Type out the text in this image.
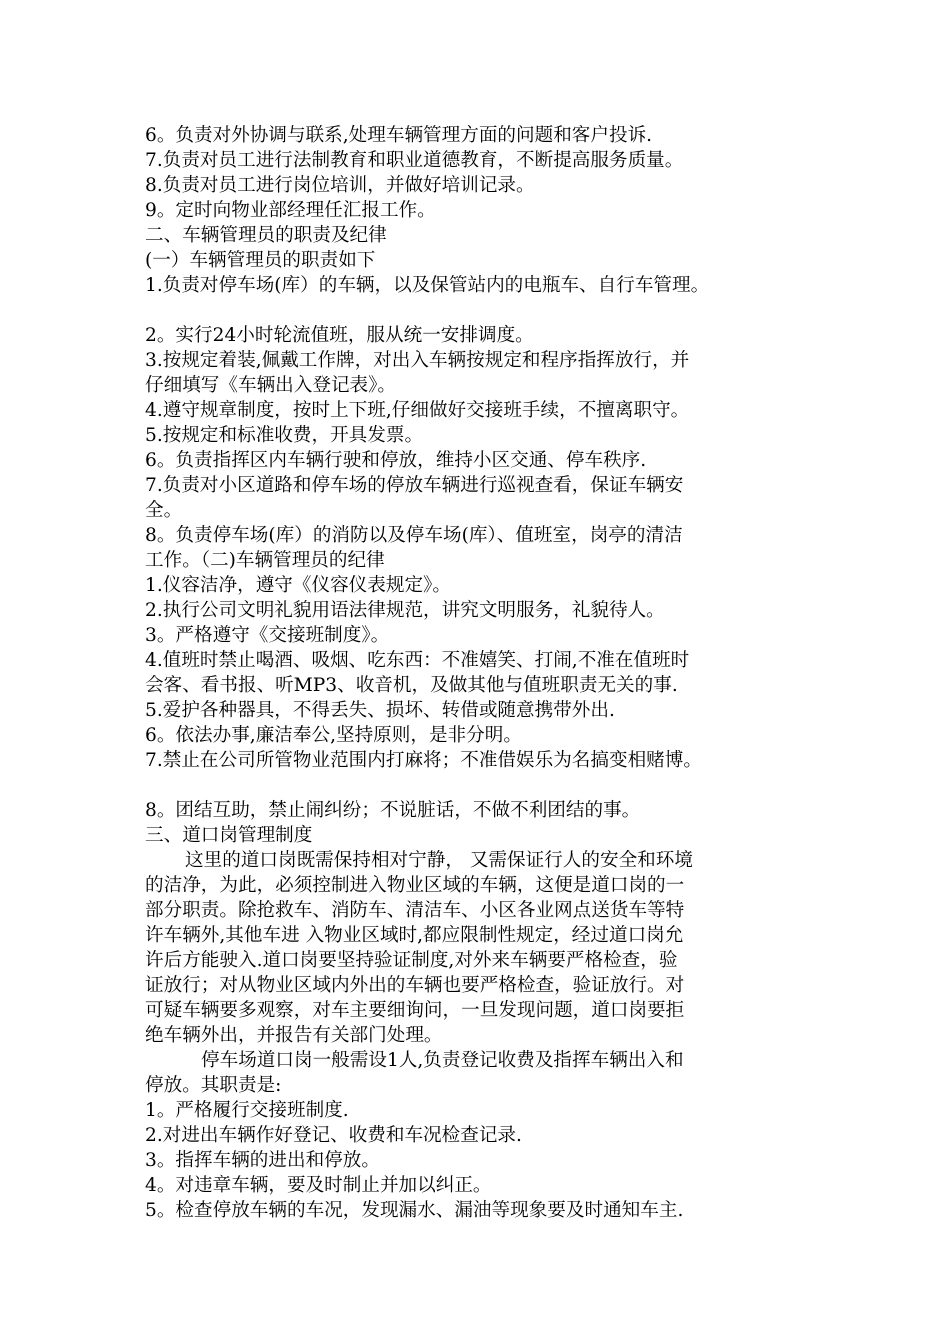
6。负责对外协调与联系,处理车辆管理方面的问题和客户投诉.
7.负责对员工进行法制教育和职业道德教育，不断提高服务质量。
8.负责对员工进行岗位培训，并做好培训记录。
9。定时向物业部经理任汇报工作。
二、车辆管理员的职责及纪律
(一）车辆管理员的职责如下
1.负责对停车场(库）的车辆，以及保管站内的电瓶车、自行车管理。
2。实行24小时轮流值班，服从统一安排调度。
3.按规定着装,佩戴工作牌，对出入车辆按规定和程序指挥放行，并
仔细填写《车辆出入登记表》。
4.遵守规章制度，按时上下班,仔细做好交接班手续，不擅离职守。
5.按规定和标准收费，开具发票。
6。负责指挥区内车辆行驶和停放，维持小区交通、停车秩序.
7.负责对小区道路和停车场的停放车辆进行巡视查看，保证车辆安
全。
8。负责停车场(库）的消防以及停车场(库）、值班室，岗亭的清洁
工作。（二)车辆管理员的纪律
1.仪容洁净，遵守《仪容仪表规定》。
2.执行公司文明礼貌用语法律规范，讲究文明服务，礼貌待人。
3。严格遵守《交接班制度》。
4.值班时禁止喝酒、吸烟、吃东西：不准嬉笑、打闹,不准在值班时
会客、看书报、听MP3、收音机，及做其他与值班职责无关的事.
5.爱护各种器具，不得丢失、损坏、转借或随意携带外出.
6。依法办事,廉洁奉公,坚持原则，是非分明。
7.禁止在公司所管物业范围内打麻将；不准借娱乐为名搞变相赌博。
8。团结互助，禁止闹纠纷；不说脏话，不做不利团结的事。
三、道口岗管理制度
这里的道口岗既需保持相对宁静， 又需保证行人的安全和环境
的洁净，为此，必须控制进入物业区域的车辆，这便是道口岗的一
部分职责。除抢救车、消防车、清洁车、小区各业网点送货车等特
许车辆外,其他车进 入物业区域时,都应限制性规定，经过道口岗允
许后方能驶入.道口岗要坚持验证制度,对外来车辆要严格检查，验
证放行；对从物业区域内外出的车辆也要严格检查，验证放行。对
可疑车辆要多观察，对车主要细询问，一旦发现问题，道口岗要拒
绝车辆外出，并报告有关部门处理。
停车场道口岗一般需设1人,负责登记收费及指挥车辆出入和
停放。其职责是:
1。严格履行交接班制度.
2.对进出车辆作好登记、收费和车况检查记录.
3。指挥车辆的进出和停放。
4。对违章车辆，要及时制止并加以纠正。
5。检查停放车辆的车况，发现漏水、漏油等现象要及时通知车主.
